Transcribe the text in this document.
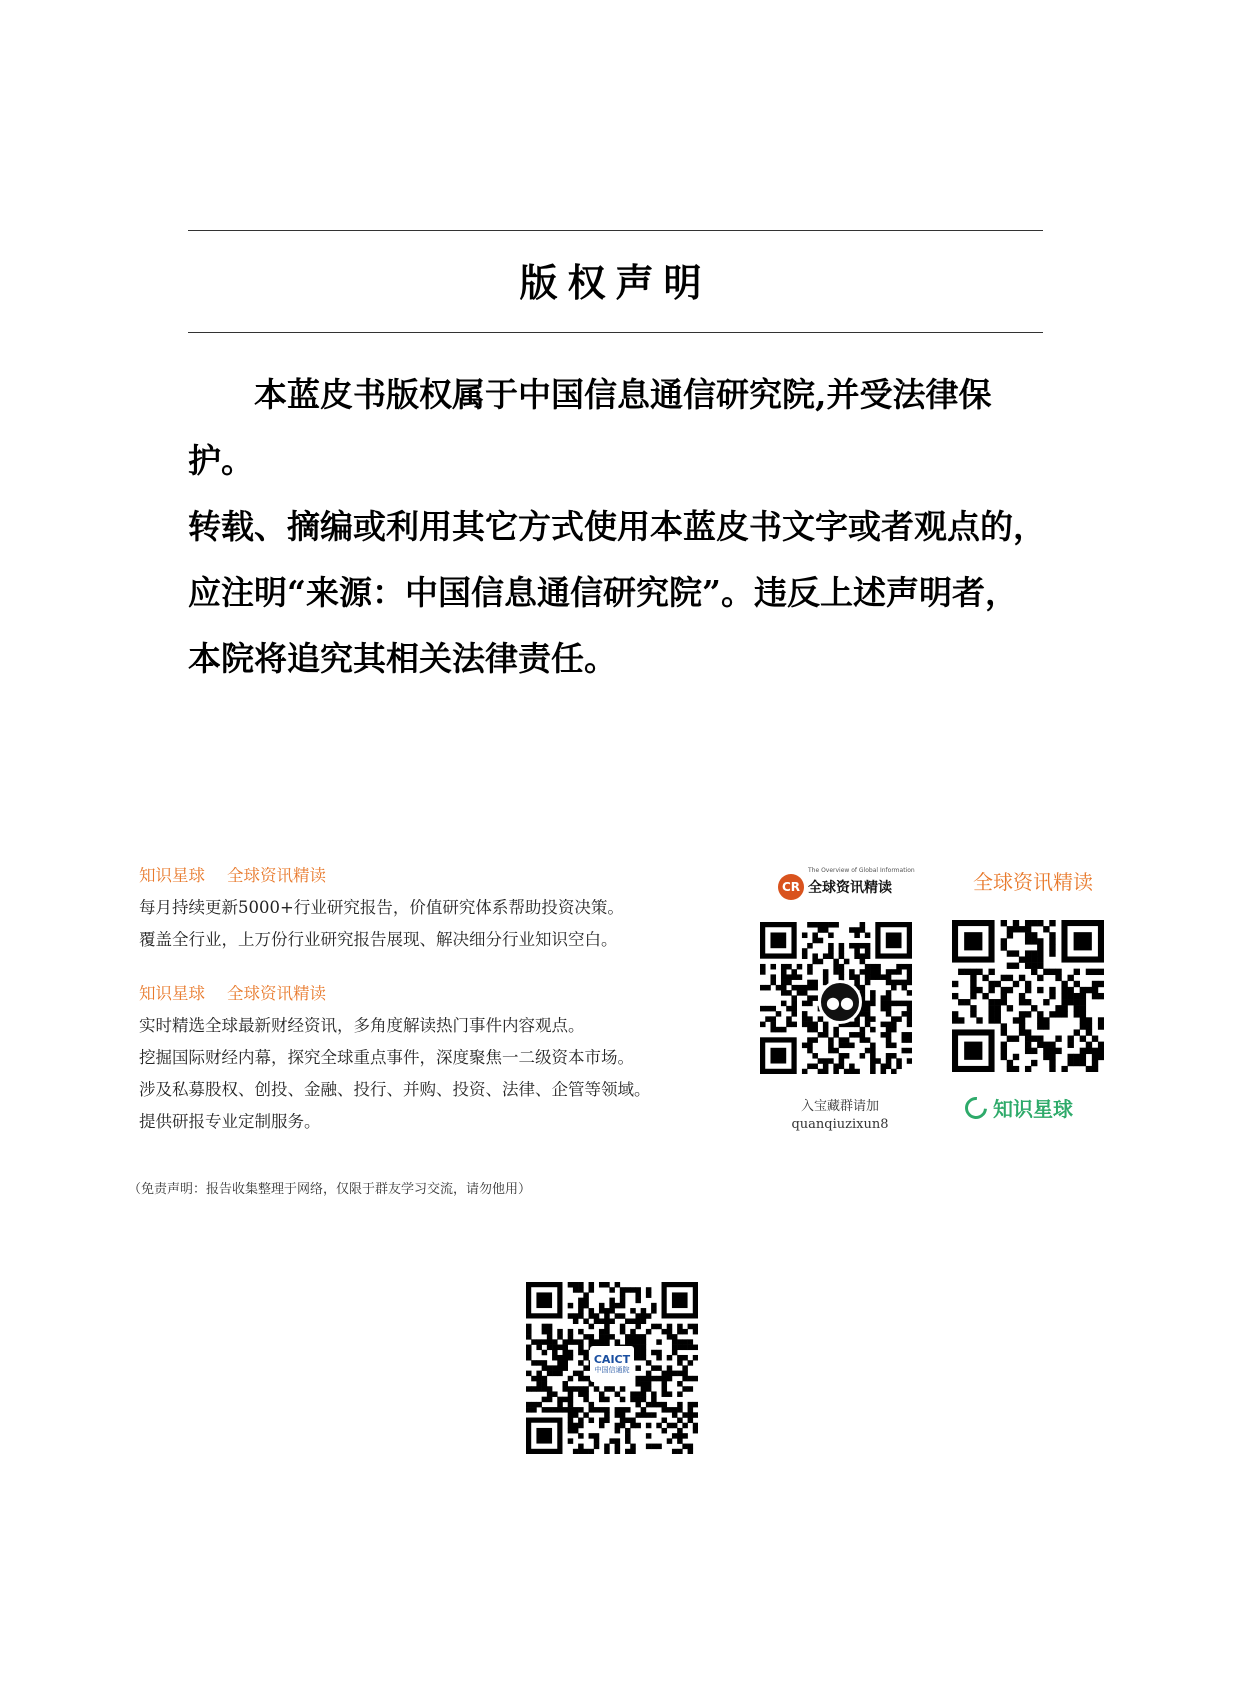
版权声明

本蓝皮书版权属于中国信息通信研究院,并受法律保护。

转载、摘编或利用其它方式使用本蓝皮书文字或者观点的，

应注明“来源：中国信息通信研究院”。违反上述声明者，

本院将追究其相关法律责任。

知识星球 全球资讯精读
每月持续更新5000+行业研究报告，价值研究体系帮助投资决策。
覆盖全行业，上万份行业研究报告展现、解决细分行业知识空白。
知识星球 全球资讯精读
实时精选全球最新财经资讯，多角度解读热门事件内容观点。
挖掘国际财经内幕，探究全球重点事件，深度聚焦一二级资本市场。
涉及私募股权、创投、金融、投行、并购、投资、法律、企管等领域。
提供研报专业定制服务。
CR 全球资讯精读
The Overview of Global Information
●●
入宝藏群请加
quanqiuzixun8
全球资讯精读
知识星球
（免责声明：报告收集整理于网络，仅限于群友学习交流，请勿他用）
CAICT
中国信通院
